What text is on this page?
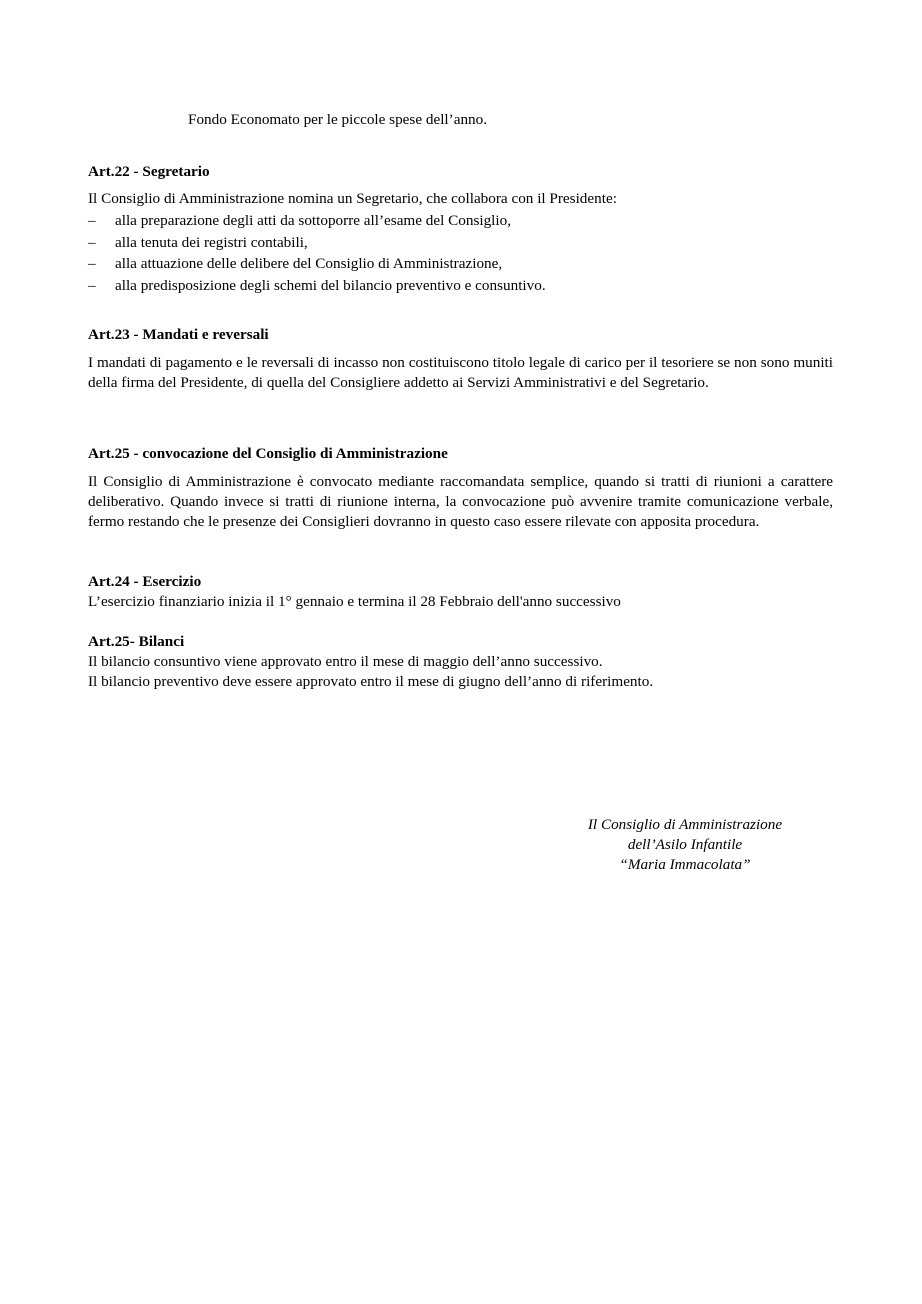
Fondo Economato per le piccole spese dell’anno.
Art.22 - Segretario
Il Consiglio di Amministrazione nomina un Segretario, che collabora con il Presidente:
– alla preparazione degli atti da sottoporre all’esame del Consiglio,
– alla tenuta dei registri contabili,
– alla attuazione delle delibere del Consiglio di Amministrazione,
– alla predisposizione degli schemi del bilancio preventivo e consuntivo.
Art.23 - Mandati e reversali
I mandati di pagamento e le reversali di incasso non costituiscono titolo legale di carico per il tesoriere se non sono muniti della firma del Presidente, di quella del Consigliere addetto ai Servizi Amministrativi e del Segretario.
Art.25 - convocazione del Consiglio di Amministrazione
Il Consiglio di Amministrazione è convocato mediante raccomandata semplice, quando si tratti di riunioni a carattere deliberativo. Quando invece si tratti di riunione interna, la convocazione può avvenire tramite comunicazione verbale, fermo restando che le presenze dei Consiglieri dovranno in questo caso essere rilevate con apposita procedura.
Art.24 - Esercizio
L’esercizio finanziario inizia il 1° gennaio e termina il 28 Febbraio dell'anno successivo
Art.25- Bilanci
Il bilancio consuntivo viene approvato entro il mese di maggio dell’anno successivo.
Il bilancio preventivo deve essere approvato entro il mese di giugno dell’anno di riferimento.
Il Consiglio di Amministrazione
dell’Asilo Infantile
“Maria Immacolata”
